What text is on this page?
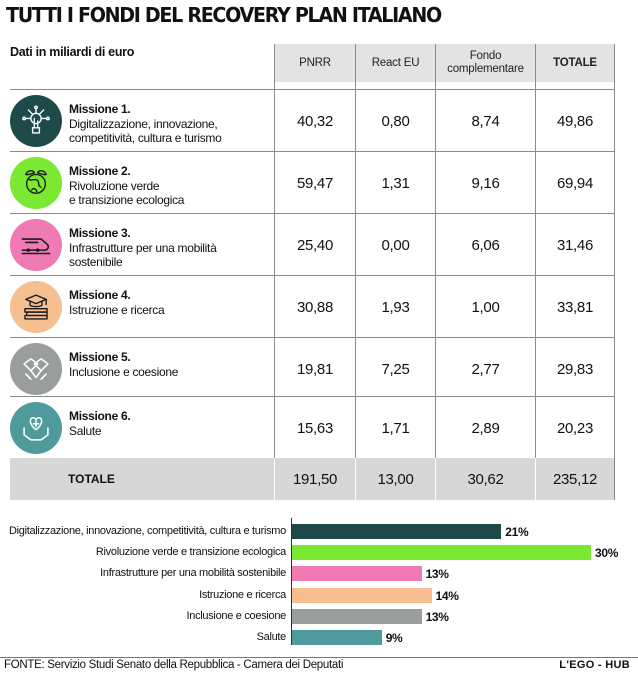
TUTTI I FONDI DEL RECOVERY PLAN ITALIANO
Dati in miliardi di euro
PNRR	React EU
Fondo
complementare
TOTALE
Missione 1.
Digitalizzazione, innovazione,
competitività, cultura e turismo
40,32	0,80	8,74	49,86
Missione 2.
Rivoluzione verde
e transizione ecologica
59,47	1,31	9,16	69,94
Missione 3.
Infrastrutture per una mobilità
sostenibile
25,40	0,00	6,06	31,46
Missione 4.
Istruzione e ricerca	30,88	1,93	1,00	33,81
Missione 5.
Inclusione e coesione	19,81	7,25	2,77	29,83
Missione 6.
Salute	15,63	1,71	2,89	20,23
TOTALE	191,50	13,00	30,62	235,12
Digitalizzazione, innovazione, competitività, cultura e turismo	21%
Rivoluzione verde e transizione ecologica	30%
Infrastrutture per una mobilità sostenibile	13%
Istruzione e ricerca	14%
Inclusione e coesione	13%
Salute	9%
FONTE: Servizio Studi Senato della Repubblica - Camera dei Deputati	L'EGO - HUB
